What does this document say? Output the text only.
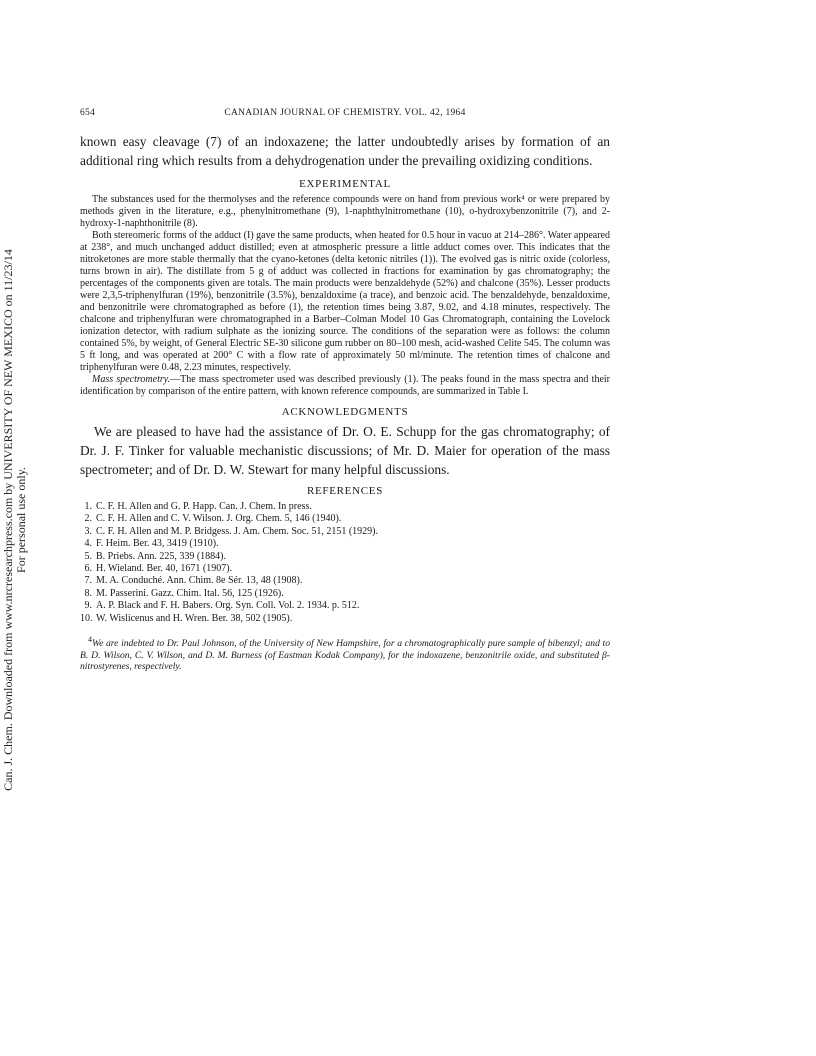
Can. J. Chem. Downloaded from www.nrcresearchpress.com by UNIVERSITY OF NEW MEXICO on 11/23/14 For personal use only.
654	CANADIAN JOURNAL OF CHEMISTRY. VOL. 42, 1964

known easy cleavage (7) of an indoxazene; the latter undoubtedly arises by formation of an additional ring which results from a dehydrogenation under the prevailing oxidizing conditions.

EXPERIMENTAL

The substances used for the thermolyses and the reference compounds were on hand from previous work⁴ or were prepared by methods given in the literature, e.g., phenylnitromethane (9), 1-naphthylnitromethane (10), o-hydroxybenzonitrile (7), and 2-hydroxy-1-naphthonitrile (8).

Both stereomeric forms of the adduct (I) gave the same products, when heated for 0.5 hour in vacuo at 214–286°. Water appeared at 238°, and much unchanged adduct distilled; even at atmospheric pressure a little adduct comes over. This indicates that the nitroketones are more stable thermally that the cyano-ketones (delta ketonic nitriles (1)). The evolved gas is nitric oxide (colorless, turns brown in air). The distillate from 5 g of adduct was collected in fractions for examination by gas chromatography; the percentages of the components given are totals. The main products were benzaldehyde (52%) and chalcone (35%). Lesser products were 2,3,5-triphenylfuran (19%), benzonitrile (3.5%), benzaldoxime (a trace), and benzoic acid. The benzaldehyde, benzaldoxime, and benzonitrile were chromatographed as before (1), the retention times being 3.87, 9.02, and 4.18 minutes, respectively. The chalcone and triphenylfuran were chromatographed in a Barber–Colman Model 10 Gas Chromatograph, containing the Lovelock ionization detector, with radium sulphate as the ionizing source. The conditions of the separation were as follows: the column contained 5%, by weight, of General Electric SE-30 silicone gum rubber on 80–100 mesh, acid-washed Celite 545. The column was 5 ft long, and was operated at 200° C with a flow rate of approximately 50 ml/minute. The retention times of chalcone and triphenylfuran were 0.48, 2.23 minutes, respectively.

Mass spectrometry.—The mass spectrometer used was described previously (1). The peaks found in the mass spectra and their identification by comparison of the entire pattern, with known reference compounds, are summarized in Table I.

ACKNOWLEDGMENTS

We are pleased to have had the assistance of Dr. O. E. Schupp for the gas chromatography; of Dr. J. F. Tinker for valuable mechanistic discussions; of Mr. D. Maier for operation of the mass spectrometer; and of Dr. D. W. Stewart for many helpful discussions.

REFERENCES
1. C. F. H. Allen and G. P. Happ. Can. J. Chem. In press.
2. C. F. H. Allen and C. V. Wilson. J. Org. Chem. 5, 146 (1940).
3. C. F. H. Allen and M. P. Bridgess. J. Am. Chem. Soc. 51, 2151 (1929).
4. F. Heim. Ber. 43, 3419 (1910).
5. B. Priebs. Ann. 225, 339 (1884).
6. H. Wieland. Ber. 40, 1671 (1907).
7. M. A. Conduché. Ann. Chim. 8e Sér. 13, 48 (1908).
8. M. Passerini. Gazz. Chim. Ital. 56, 125 (1926).
9. A. P. Black and F. H. Babers. Org. Syn. Coll. Vol. 2. 1934. p. 512.
10. W. Wislicenus and H. Wren. Ber. 38, 502 (1905).

$^4$We are indebted to Dr. Paul Johnson, of the University of New Hampshire, for a chromatographically pure sample of bibenzyl; and to B. D. Wilson, C. V. Wilson, and D. M. Burness (of Eastman Kodak Company), for the indoxazene, benzonitrile oxide, and substituted β-nitrostyrenes, respectively.
